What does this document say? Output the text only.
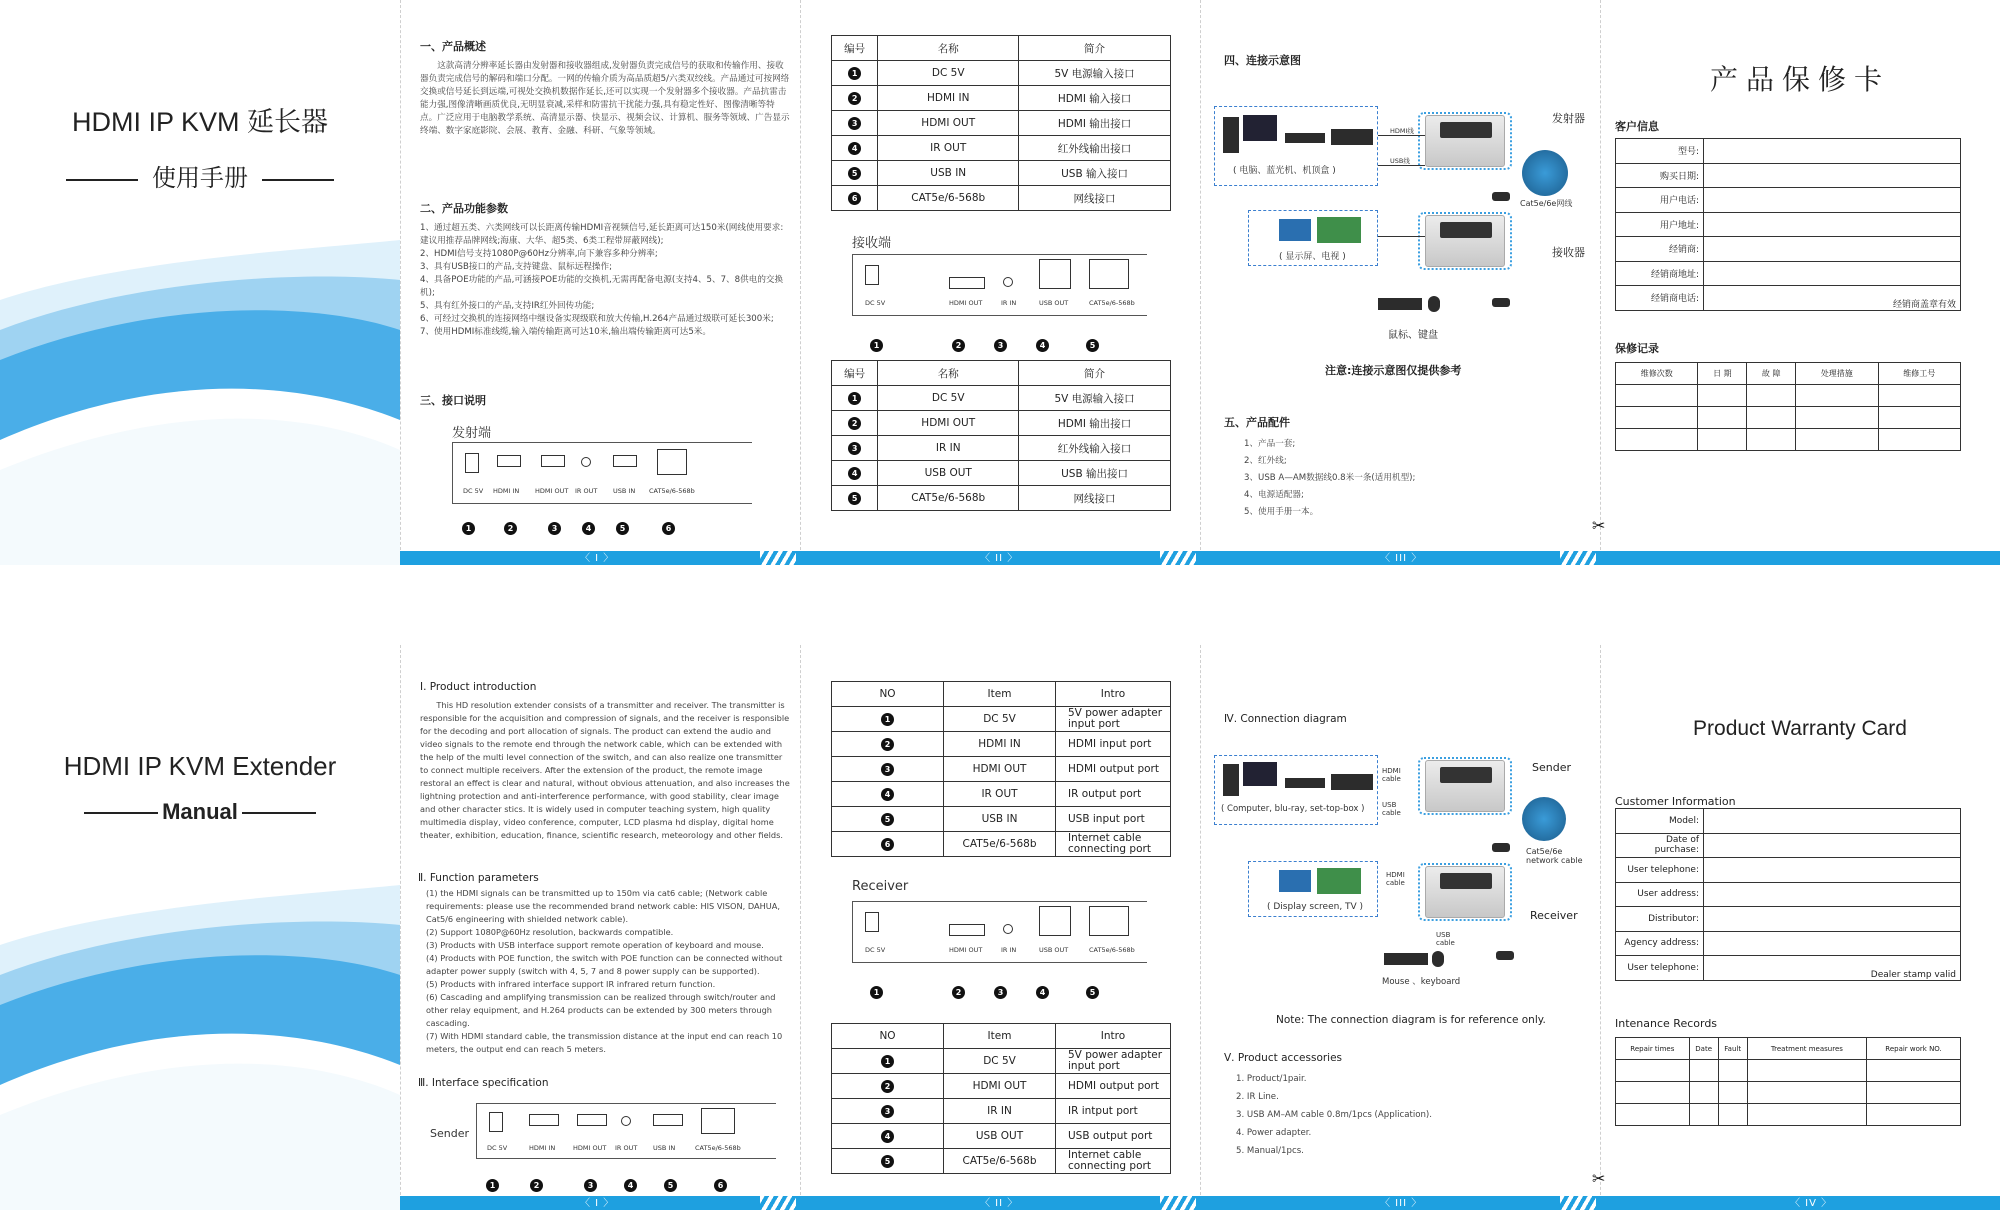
HDMI IP KVM 延长器
使用手册
一、产品概述
这款高清分辨率延长器由发射器和接收器组成,发射器负责完成信号的获取和传输作用、接收器负责完成信号的解码和端口分配。一网的传输介质为高品质超5/六类双绞线。产品通过可按网络交换或信号延长到远端,可视处交换机数据作延长,还可以实现一个发射器多个接收器。产品抗雷击能力强,图像清晰画质优良,无明显衰减,采样和防雷抗干扰能力强,具有稳定性好、图像清晰等特点。广泛应用于电脑教学系统、高清显示器、快显示、视频会议、计算机、服务等领域、广告显示终端、数字家庭影院、会展、教育、金融、科研、气象等领域。
二、产品功能参数
1、通过超五类、六类网线可以长距离传输HDMI音视频信号,延长距离可达150米(网线使用要求:建议用推荐品牌网线;海康、大华、超5类、6类工程带屏蔽网线);
2、HDMI信号支持1080P@60Hz分辨率,向下兼容多种分辨率;
3、具有USB接口的产品,支持键盘、鼠标远程操作;
4、具备POE功能的产品,可涵接POE功能的交换机,无需再配备电源(支持4、5、7、8供电的交换机);
5、具有红外接口的产品,支持IR红外回传功能;
6、可经过交换机的连接网络中继设备实现级联和放大传输,H.264产品通过级联可延长300米;
7、使用HDMI标准线缆,输入端传输距离可达10米,输出端传输距离可达5米。
三、接口说明
发射端
DC 5V HDMI IN HDMI OUT IR OUT USB IN CAT5e/6-568b
1	2	3	4	5	6
编号	名称	简介
1	DC 5V	5V 电源输入接口
2	HDMI IN	HDMI 输入接口
3	HDMI OUT	HDMI 输出接口
4	IR OUT	红外线输出接口
5	USB IN	USB 输入接口
6	CAT5e/6-568b	网线接口
接收端
DC 5V	HDMI OUT	IR IN	USB OUT	CAT5e/6-568b
1	2	3	4	5
编号	名称	简介
1	DC 5V	5V 电源输入接口
2	HDMI OUT	HDMI 输出接口
3	IR IN	红外线输入接口
4	USB OUT	USB 输出接口
5	CAT5e/6-568b	网线接口
四、连接示意图
( 电脑、蓝光机、机顶盒 )
发射器
HDMI线
USB线
Cat5e/6e网线
( 显示屏、电视 )	接收器
鼠标、键盘
注意:连接示意图仅提供参考
五、产品配件
1、产品一套;
2、红外线;
3、USB A—AM数据线0.8米一条(适用机型);
4、电源适配器;
5、使用手册一本。
✂
产品保修卡
客户信息
型号:	
购买日期:	
用户电话:	
用户地址:	
经销商:	
经销商地址:	
经销商电话:	经销商盖章有效
保修记录
维修次数	日 期	故 障	处理措施	维修工号

〈 I 〉	〈 II 〉	〈 III 〉
HDMI IP KVM Extender
Manual
Ⅰ. Product introduction
This HD resolution extender consists of a transmitter and receiver. The transmitter is responsible for the acquisition and compression of signals, and the receiver is responsible for the decoding and port allocation of signals. The product can extend the audio and video signals to the remote end through the network cable, which can be extended with the help of the multi level connection of the switch, and can also realize one transmitter to connect multiple receivers. After the extension of the product, the remote image restoral an effect is clear and natural, without obvious attenuation, and also increases the lightning protection and anti-interference performance, with good stability, clear image and other character stics. It is widely used in computer teaching system, high quality multimedia display, video conference, computer, LCD plasma hd display, digital home theater, exhibition, education, finance, scientific research, meteorology and other fields.
Ⅱ. Function parameters
(1) the HDMI signals can be transmitted up to 150m via cat6 cable; (Network cable requirements: please use the recommended brand network cable: HIS VISON, DAHUA, Cat5/6 engineering with shielded network cable).
(2) Support 1080P@60Hz resolution, backwards compatible.
(3) Products with USB interface support remote operation of keyboard and mouse.
(4) Products with POE function, the switch with POE function can be connected without adapter power supply (switch with 4, 5, 7 and 8 power supply can be supported).
(5) Products with infrared interface support IR infrared return function.
(6) Cascading and amplifying transmission can be realized through switch/router and other relay equipment, and H.264 products can be extended by 300 meters through cascading.
(7) With HDMI standard cable, the transmission distance at the input end can reach 10 meters, the output end can reach 5 meters.
Ⅲ. Interface specification
Sender
DC 5V	HDMI IN	HDMI OUT IR OUT USB IN	CAT5e/6-568b
1	2	3	4	5	6
NO	Item	Intro
1	DC 5V	5V power adapter input port
2	HDMI IN	HDMI input port
3	HDMI OUT	HDMI output port
4	IR OUT	IR output port
5	USB IN	USB input port
6	CAT5e/6-568b	Internet cable connecting port
Receiver
DC 5V	HDMI OUT	IR IN	USB OUT	CAT5e/6-568b
1	2	3	4	5
NO	Item	Intro
1	DC 5V	5V power adapter input port
2	HDMI OUT	HDMI output port
3	IR IN	IR intput port
4	USB OUT	USB output port
5	CAT5e/6-568b	Internet cable connecting port
Ⅳ. Connection diagram
( Computer, blu-ray, set-top-box )
Sender
HDMI cable
USB cable
Cat5e/6e network cable
( Display screen, TV )
HDMI cable
Receiver
USB cable
Mouse 、keyboard
Note: The connection diagram is for reference only.
Ⅴ. Product accessories
1. Product/1pair.
2. IR Line.
3. USB AM–AM cable 0.8m/1pcs (Application).
4. Power adapter.
5. Manual/1pcs.
✂
Product Warranty Card
Customer Information
Model:	
Date of purchase:	
User telephone:	
User address:	
Distributor:	
Agency address:	
User telephone:	Dealer stamp valid
Intenance Records
Repair times	Date	Fault	Treatment measures	Repair work NO.

〈 I 〉	〈 II 〉	〈 III 〉	〈 IV 〉
